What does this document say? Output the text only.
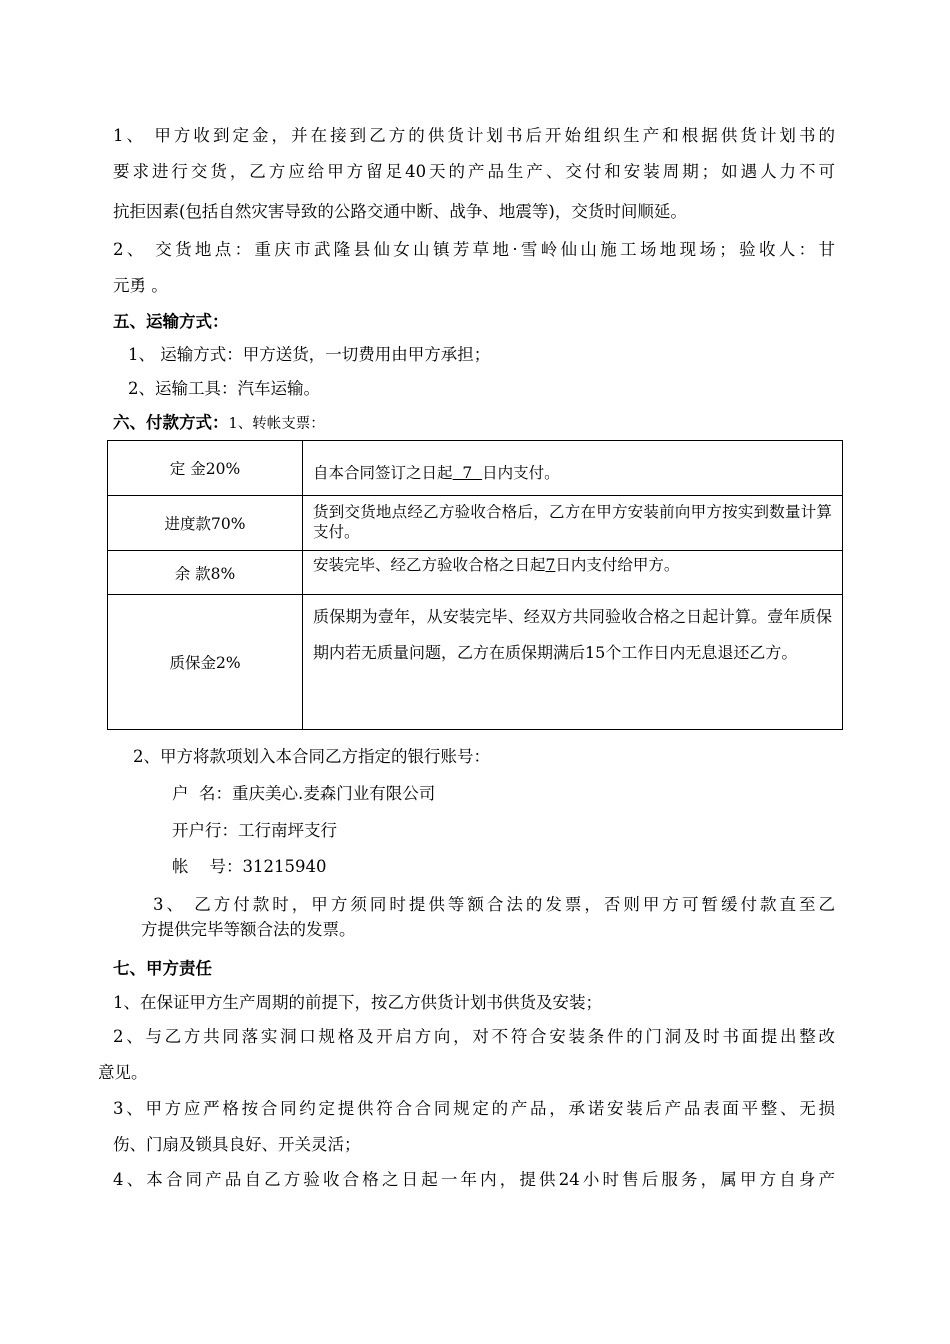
1、 甲方收到定金，并在接到乙方的供货计划书后开始组织生产和根据供货计划书的
要求进行交货，乙方应给甲方留足40天的产品生产、交付和安装周期；如遇人力不可
抗拒因素(包括自然灾害导致的公路交通中断、战争、地震等)，交货时间顺延。
2、 交货地点：重庆市武隆县仙女山镇芳草地·雪岭仙山施工场地现场；验收人：甘
元勇 。
五、运输方式：
1、 运输方式：甲方送货，一切费用由甲方承担；
2、运输工具：汽车运输。
六、付款方式：1、转帐支票：
定 金20%	自本合同签订之日起  7  日内支付。
进度款70%	货到交货地点经乙方验收合格后，乙方在甲方安装前向甲方按实到数量计算支付。
余 款8%	安装完毕、经乙方验收合格之日起7日内支付给甲方。
质保金2%	质保期为壹年，从安装完毕、经双方共同验收合格之日起计算。壹年质保期内若无质量问题，乙方在质保期满后15个工作日内无息退还乙方。
2、甲方将款项划入本合同乙方指定的银行账号：
户  名：重庆美心.麦森门业有限公司
开户行：工行南坪支行
帐    号：31215940
3、 乙方付款时，甲方须同时提供等额合法的发票，否则甲方可暂缓付款直至乙
方提供完毕等额合法的发票。
七、甲方责任
1、在保证甲方生产周期的前提下，按乙方供货计划书供货及安装；
2、与乙方共同落实洞口规格及开启方向，对不符合安装条件的门洞及时书面提出整改
意见。
3、甲方应严格按合同约定提供符合合同规定的产品，承诺安装后产品表面平整、无损
伤、门扇及锁具良好、开关灵活；
4、本合同产品自乙方验收合格之日起一年内，提供24小时售后服务，属甲方自身产
